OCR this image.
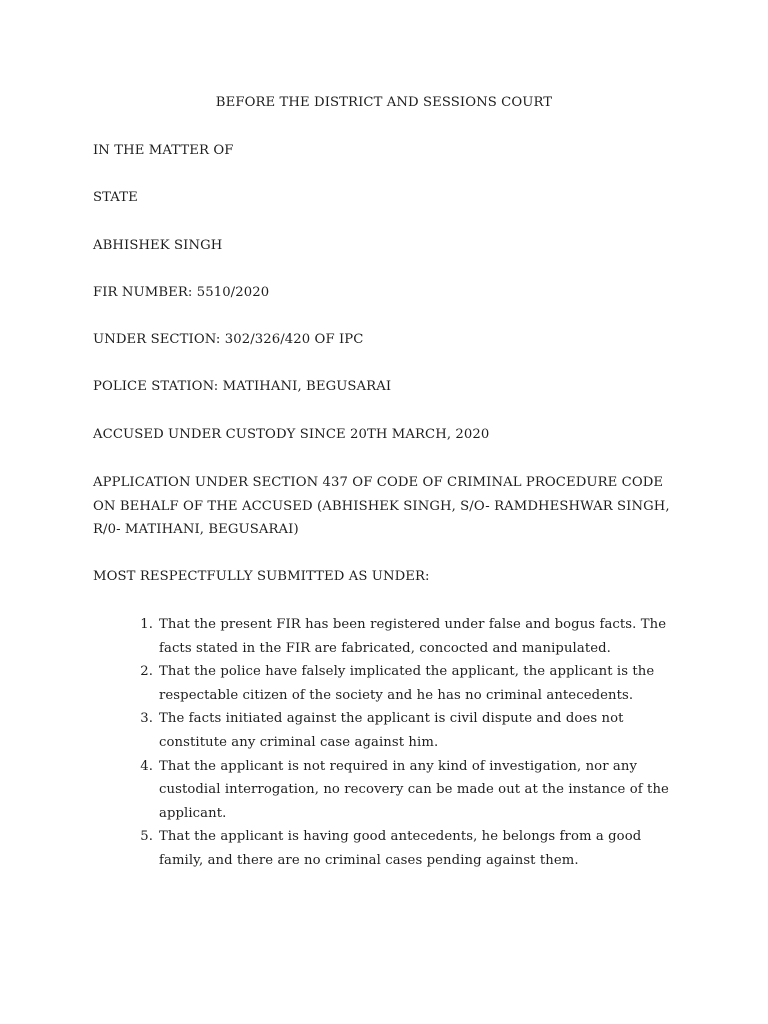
BEFORE THE DISTRICT AND SESSIONS COURT
IN THE MATTER OF
STATE
ABHISHEK SINGH
FIR NUMBER: 5510/2020
UNDER SECTION: 302/326/420 OF IPC
POLICE STATION: MATIHANI, BEGUSARAI
ACCUSED UNDER CUSTODY SINCE 20TH MARCH, 2020
APPLICATION UNDER SECTION 437 OF CODE OF CRIMINAL PROCEDURE CODE ON BEHALF OF THE ACCUSED (ABHISHEK SINGH, S/O- RAMDHESHWAR SINGH, R/0- MATIHANI, BEGUSARAI)
MOST RESPECTFULLY SUBMITTED AS UNDER:
1. That the present FIR has been registered under false and bogus facts. The facts stated in the FIR are fabricated, concocted and manipulated.
2. That the police have falsely implicated the applicant, the applicant is the respectable citizen of the society and he has no criminal antecedents.
3. The facts initiated against the applicant is civil dispute and does not constitute any criminal case against him.
4. That the applicant is not required in any kind of investigation, nor any custodial interrogation, no recovery can be made out at the instance of the applicant.
5. That the applicant is having good antecedents, he belongs from a good family, and there are no criminal cases pending against them.
